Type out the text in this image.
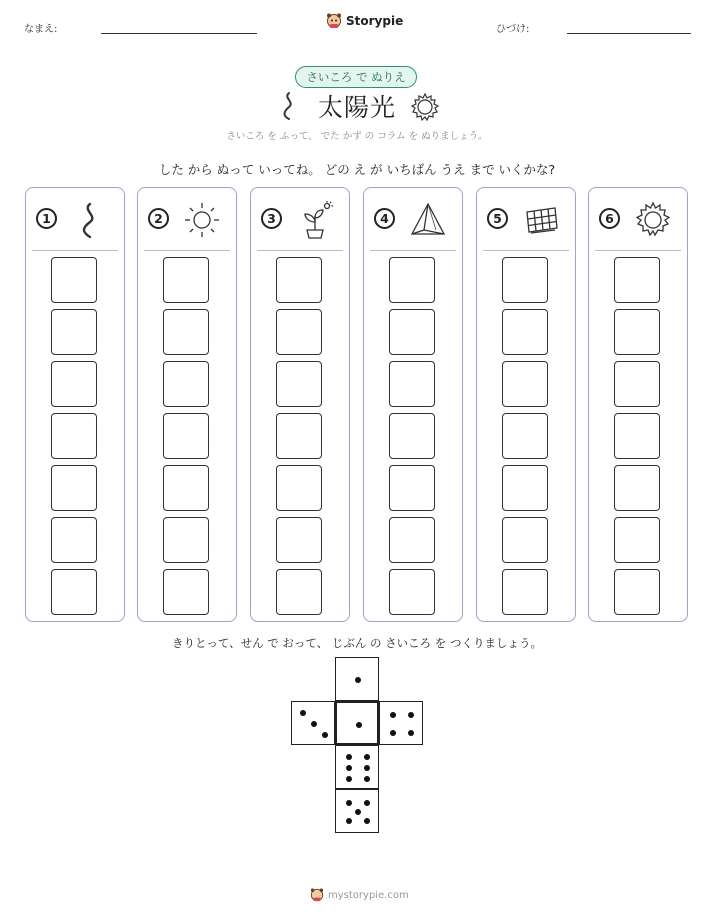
なまえ:
Storypie
ひづけ:
さいころ で ぬりえ
太陽光
さいころ を ふって、 でた かず の コラム を ぬりましょう。
した から ぬって いってね。 どの え が いちばん うえ まで いくかな?
1	2	3	4	5	6
きりとって、せん で おって、 じぶん の さいころ を つくりましょう。
mystorypie.com
